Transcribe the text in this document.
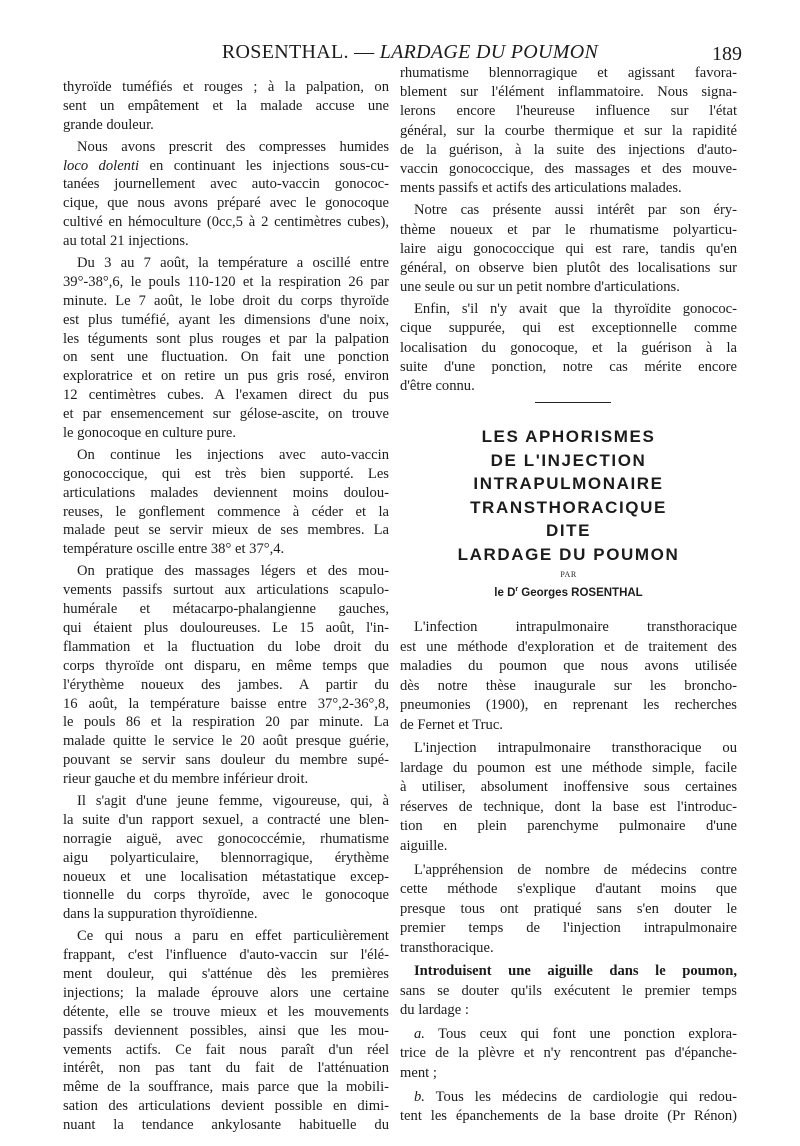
ROSENTHAL. — LARDAGE DU POUMON	189
thyroïde tuméfiés et rouges ; à la palpation, on
sent un empâtement et la malade accuse une
grande douleur.
Nous avons prescrit des compresses humides
loco dolenti en continuant les injections sous-cu-
tanées journellement avec auto-vaccin gonococ-
cique, que nous avons préparé avec le gonocoque
cultivé en hémoculture (0cc,5 à 2 centimètres cubes),
au total 21 injections.
Du 3 au 7 août, la température a oscillé entre
39°-38°,6, le pouls 110-120 et la respiration 26 par
minute. Le 7 août, le lobe droit du corps thyroïde
est plus tuméfié, ayant les dimensions d'une noix,
les téguments sont plus rouges et par la palpation
on sent une fluctuation. On fait une ponction
exploratrice et on retire un pus gris rosé, environ
12 centimètres cubes. A l'examen direct du pus
et par ensemencement sur gélose-ascite, on trouve
le gonocoque en culture pure.
On continue les injections avec auto-vaccin
gonococcique, qui est très bien supporté. Les
articulations malades deviennent moins doulou-
reuses, le gonflement commence à céder et la
malade peut se servir mieux de ses membres. La
température oscille entre 38° et 37°,4.
On pratique des massages légers et des mou-
vements passifs surtout aux articulations scapulo-
humérale et métacarpo-phalangienne gauches,
qui étaient plus douloureuses. Le 15 août, l'in-
flammation et la fluctuation du lobe droit du
corps thyroïde ont disparu, en même temps que
l'érythème noueux des jambes. A partir du
16 août, la température baisse entre 37°,2-36°,8,
le pouls 86 et la respiration 20 par minute. La
malade quitte le service le 20 août presque guérie,
pouvant se servir sans douleur du membre supé-
rieur gauche et du membre inférieur droit.
Il s'agit d'une jeune femme, vigoureuse, qui, à
la suite d'un rapport sexuel, a contracté une blen-
norragie aiguë, avec gonococcémie, rhumatisme
aigu polyarticulaire, blennorragique, érythème
noueux et une localisation métastatique excep-
tionnelle du corps thyroïde, avec le gonocoque
dans la suppuration thyroïdienne.
Ce qui nous a paru en effet particulièrement
frappant, c'est l'influence d'auto-vaccin sur l'élé-
ment douleur, qui s'atténue dès les premières
injections; la malade éprouve alors une certaine
détente, elle se trouve mieux et les mouvements
passifs deviennent possibles, ainsi que les mou-
vements actifs. Ce fait nous paraît d'un réel
intérêt, non pas tant du fait de l'atténuation
même de la souffrance, mais parce que la mobili-
sation des articulations devient possible en dimi-
nuant la tendance ankylosante habituelle du
rhumatisme blennorragique et agissant favora-
blement sur l'élément inflammatoire. Nous signa-
lerons encore l'heureuse influence sur l'état
général, sur la courbe thermique et sur la rapidité
de la guérison, à la suite des injections d'auto-
vaccin gonococcique, des massages et des mouve-
ments passifs et actifs des articulations malades.
Notre cas présente aussi intérêt par son éry-
thème noueux et par le rhumatisme polyarticu-
laire aigu gonococcique qui est rare, tandis qu'en
général, on observe bien plutôt des localisations sur
une seule ou sur un petit nombre d'articulations.
Enfin, s'il n'y avait que la thyroïdite gonococ-
cique suppurée, qui est exceptionnelle comme
localisation du gonocoque, et la guérison à la
suite d'une ponction, notre cas mérite encore
d'être connu.
LES APHORISMES
DE L'INJECTION
INTRAPULMONAIRE
TRANSTHORACIQUE
DITE
LARDAGE DU POUMON
PAR
le $D^r$ Georges ROSENTHAL
L'infection intrapulmonaire transthoracique
est une méthode d'exploration et de traitement des
maladies du poumon que nous avons utilisée
dès notre thèse inaugurale sur les broncho-
pneumonies (1900), en reprenant les recherches
de Fernet et Truc.
L'injection intrapulmonaire transthoracique ou
lardage du poumon est une méthode simple, facile
à utiliser, absolument inoffensive sous certaines
réserves de technique, dont la base est l'introduc-
tion en plein parenchyme pulmonaire d'une
aiguille.
L'appréhension de nombre de médecins contre
cette méthode s'explique d'autant moins que
presque tous ont pratiqué sans s'en douter le
premier temps de l'injection intrapulmonaire
transthoracique.
Introduisent une aiguille dans le poumon,
sans se douter qu'ils exécutent le premier temps
du lardage :
a. Tous ceux qui font une ponction explora-
trice de la plèvre et n'y rencontrent pas d'épanche-
ment ;
b. Tous les médecins de cardiologie qui redou-
tent les épanchements de la base droite (Pr Rénon)
